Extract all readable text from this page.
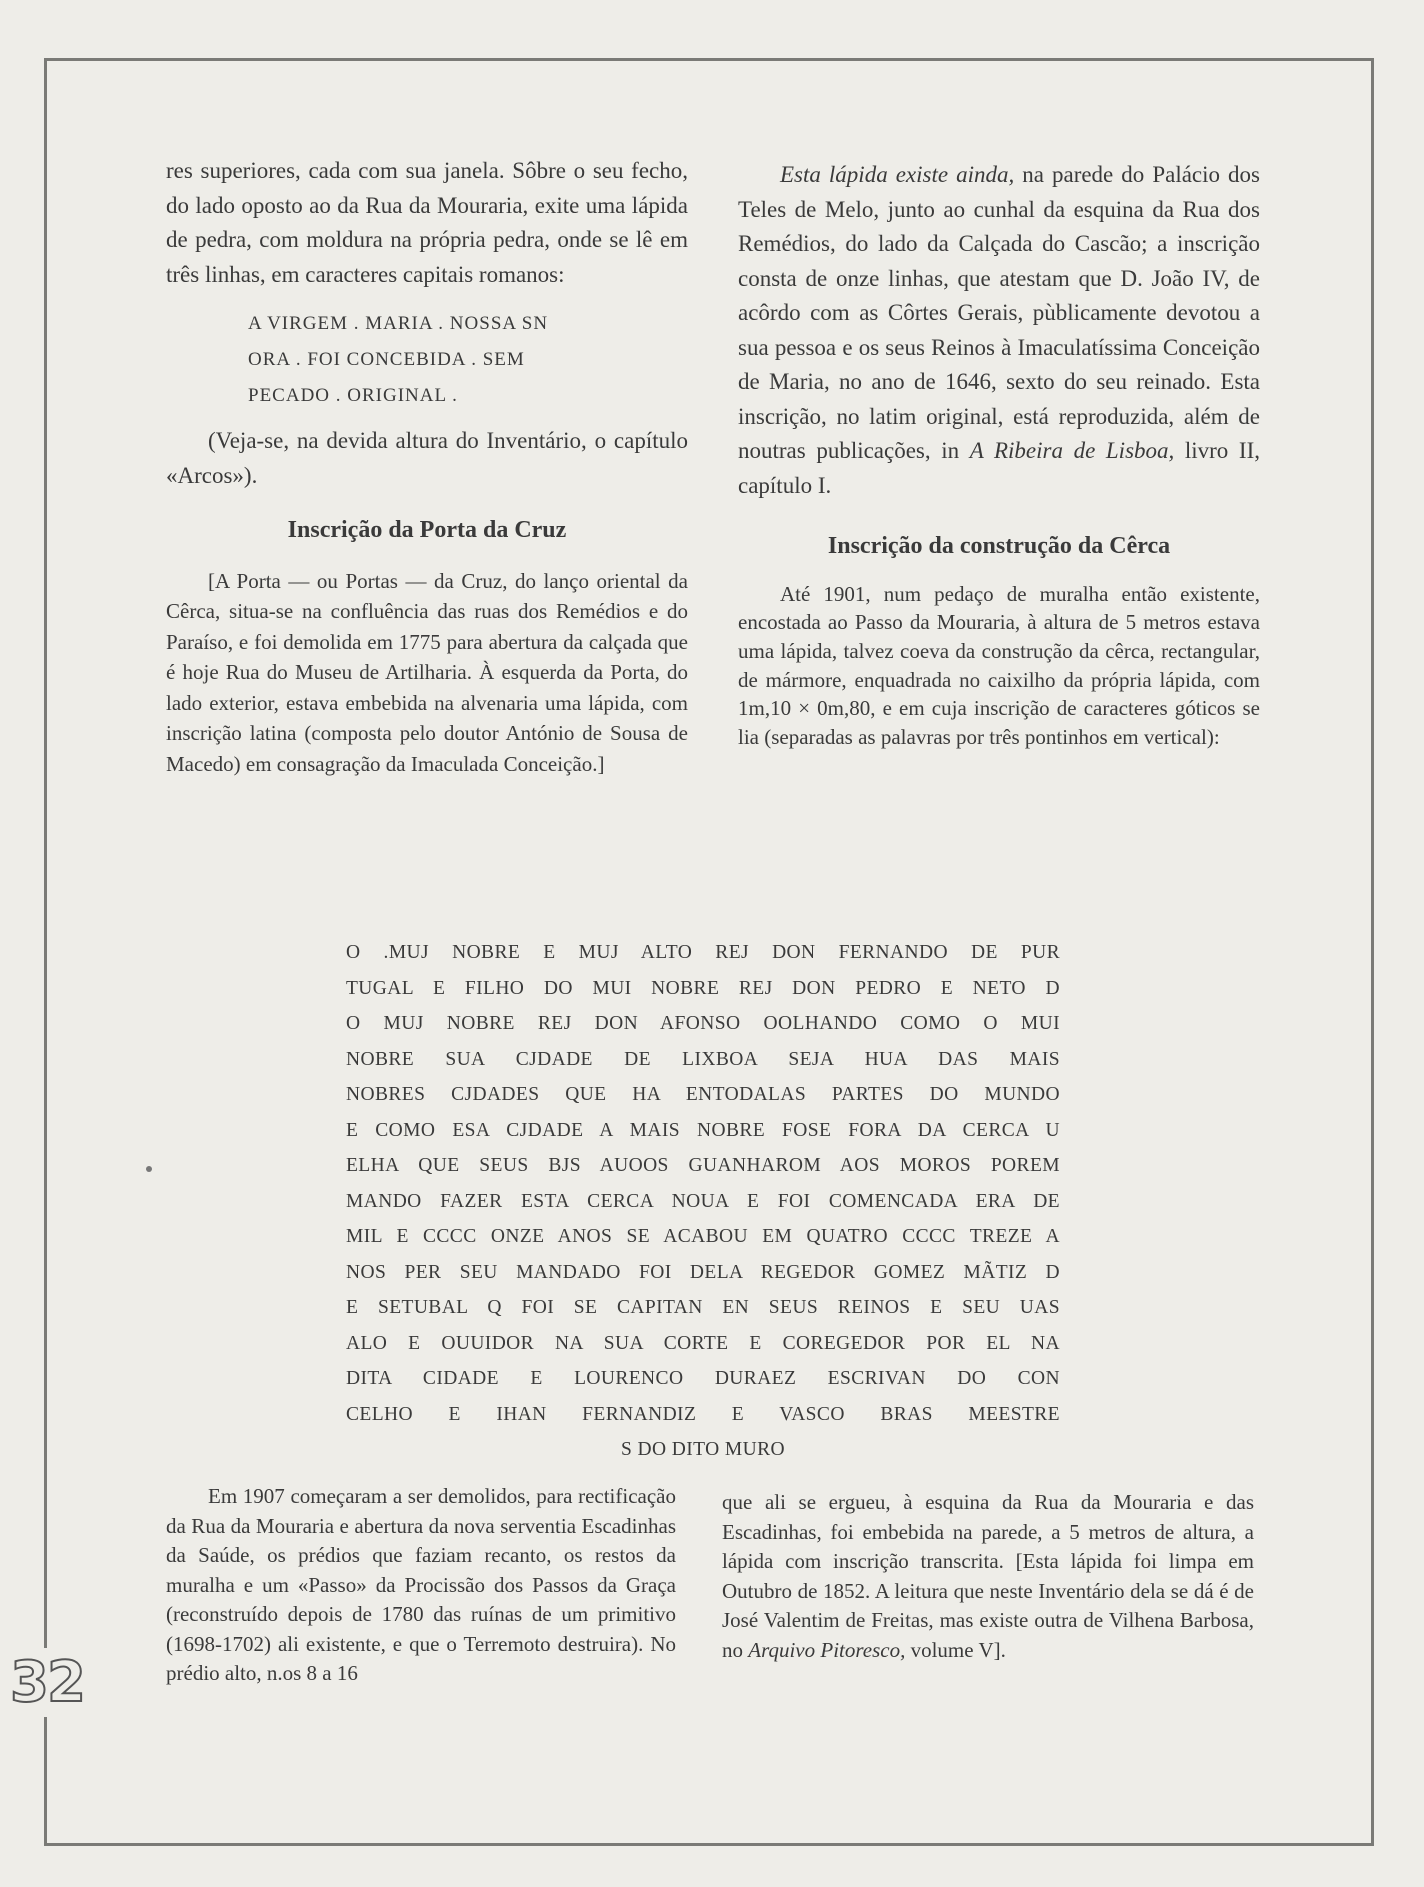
32

res superiores, cada com sua janela. Sôbre o seu fecho, do lado oposto ao da Rua da Mouraria, exite uma lápida de pedra, com moldura na própria pedra, onde se lê em três linhas, em caracteres capitais romanos:

A VIRGEM . MARIA . NOSSA SN
ORA . FOI CONCEBIDA . SEM
PECADO . ORIGINAL .

(Veja-se, na devida altura do Inventário, o capítulo «Arcos»).

Inscrição da Porta da Cruz

[A Porta — ou Portas — da Cruz, do lanço oriental da Cêrca, situa-se na confluência das ruas dos Remédios e do Paraíso, e foi demolida em 1775 para abertura da calçada que é hoje Rua do Museu de Artilharia. À esquerda da Porta, do lado exterior, estava embebida na alvenaria uma lápida, com inscrição latina (composta pelo doutor António de Sousa de Macedo) em consagração da Imaculada Conceição.]

Esta lápida existe ainda, na parede do Palácio dos Teles de Melo, junto ao cunhal da esquina da Rua dos Remédios, do lado da Calçada do Cascão; a inscrição consta de onze linhas, que atestam que D. João IV, de acôrdo com as Côrtes Gerais, pùblicamente devotou a sua pessoa e os seus Reinos à Imaculatíssima Conceição de Maria, no ano de 1646, sexto do seu reinado. Esta inscrição, no latim original, está reproduzida, além de noutras publicações, in A Ribeira de Lisboa, livro II, capítulo I.

Inscrição da construção da Cêrca

Até 1901, num pedaço de muralha então existente, encostada ao Passo da Mouraria, à altura de 5 metros estava uma lápida, talvez coeva da construção da cêrca, rectangular, de mármore, enquadrada no caixilho da própria lápida, com 1m,10 × 0m,80, e em cuja inscrição de caracteres góticos se lia (separadas as palavras por três pontinhos em vertical):

O .MUJ NOBRE E MUJ ALTO REJ DON FERNANDO DE PUR
TUGAL E FILHO DO MUI NOBRE REJ DON PEDRO E NETO D
O MUJ NOBRE REJ DON AFONSO OOLHANDO COMO O MUI
NOBRE SUA CJDADE DE LIXBOA SEJA HUA DAS MAIS
NOBRES CJDADES QUE HA ENTODALAS PARTES DO MUNDO
E COMO ESA CJDADE A MAIS NOBRE FOSE FORA DA CERCA U
ELHA QUE SEUS BJS AUOOS GUANHAROM AOS MOROS POREM
MANDO FAZER ESTA CERCA NOUA E FOI COMENCADA ERA DE
MIL E CCCC ONZE ANOS SE ACABOU EM QUATRO CCCC TREZE A
NOS PER SEU MANDADO FOI DELA REGEDOR GOMEZ MÃTIZ D
E SETUBAL Q FOI SE CAPITAN EN SEUS REINOS E SEU UAS
ALO E OUUIDOR NA SUA CORTE E COREGEDOR POR EL NA
DITA CIDADE E LOURENCO DURAEZ ESCRIVAN DO CON
CELHO E IHAN FERNANDIZ E VASCO BRAS MEESTRE
S DO DITO MURO

Em 1907 começaram a ser demolidos, para rectificação da Rua da Mouraria e abertura da nova serventia Escadinhas da Saúde, os prédios que faziam recanto, os restos da muralha e um «Passo» da Procissão dos Passos da Graça (reconstruído depois de 1780 das ruínas de um primitivo (1698-1702) ali existente, e que o Terremoto destruira). No prédio alto, n.os 8 a 16

que ali se ergueu, à esquina da Rua da Mouraria e das Escadinhas, foi embebida na parede, a 5 metros de altura, a lápida com inscrição transcrita. [Esta lápida foi limpa em Outubro de 1852. A leitura que neste Inventário dela se dá é de José Valentim de Freitas, mas existe outra de Vilhena Barbosa, no Arquivo Pitoresco, volume V].
